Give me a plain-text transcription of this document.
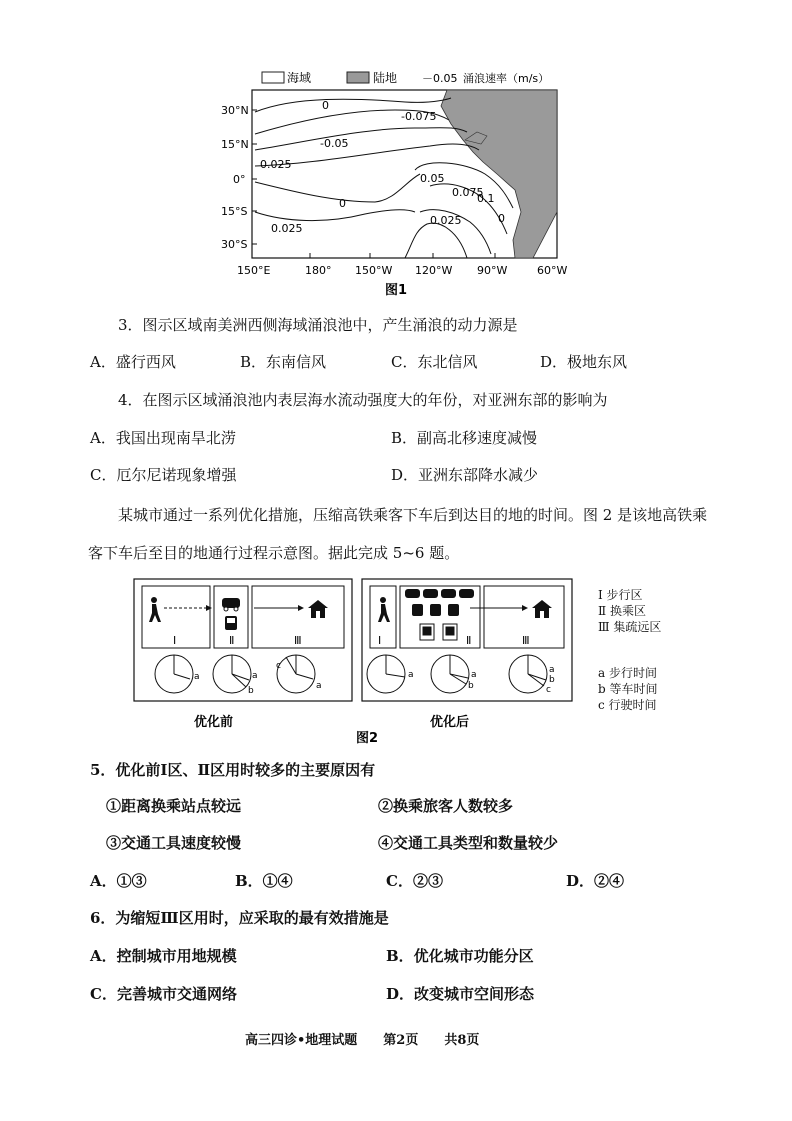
海域	陆地 －0.05 涌浪速率（m/s）
0
-0.075
-0.05
0.025
0
0.025
0.05
0.075
0.1
0
0.025
30°N
15°N
0°
15°S
30°S
150°E	180° 150°W 120°W 90°W	60°W
图1
3．图示区域南美洲西侧海域涌浪池中，产生涌浪的动力源是
A．盛行西风	B．东南信风	C．东北信风	D．极地东风
4．在图示区域涌浪池内表层海水流动强度大的年份，对亚洲东部的影响为
A．我国出现南旱北涝	B．副高北移速度减慢
C．厄尔尼诺现象增强	D．亚洲东部降水减少
某城市通过一系列优化措施，压缩高铁乘客下车后到达目的地的时间。图 2 是该地高铁乘
客下车后至目的地通行过程示意图。据此完成 5~6 题。
Ⅰ	Ⅱ	Ⅲ
a	a
b
c
a
Ⅰ	Ⅱ	Ⅲ
a	a
b
a
c
b
优化前	优化后
图2
Ⅰ 步行区
Ⅱ 换乘区
Ⅲ 集疏远区
a 步行时间
b 等车时间
c 行驶时间
5．优化前Ⅰ区、Ⅱ区用时较多的主要原因有
①距离换乘站点较远	②换乘旅客人数较多
③交通工具速度较慢	④交通工具类型和数量较少
A．①③	B．①④	C．②③	D．②④
6．为缩短Ⅲ区用时，应采取的最有效措施是
A．控制城市用地规模	B．优化城市功能分区
C．完善城市交通网络	D．改变城市空间形态
高三四诊•地理试题　　第2页　　共8页
